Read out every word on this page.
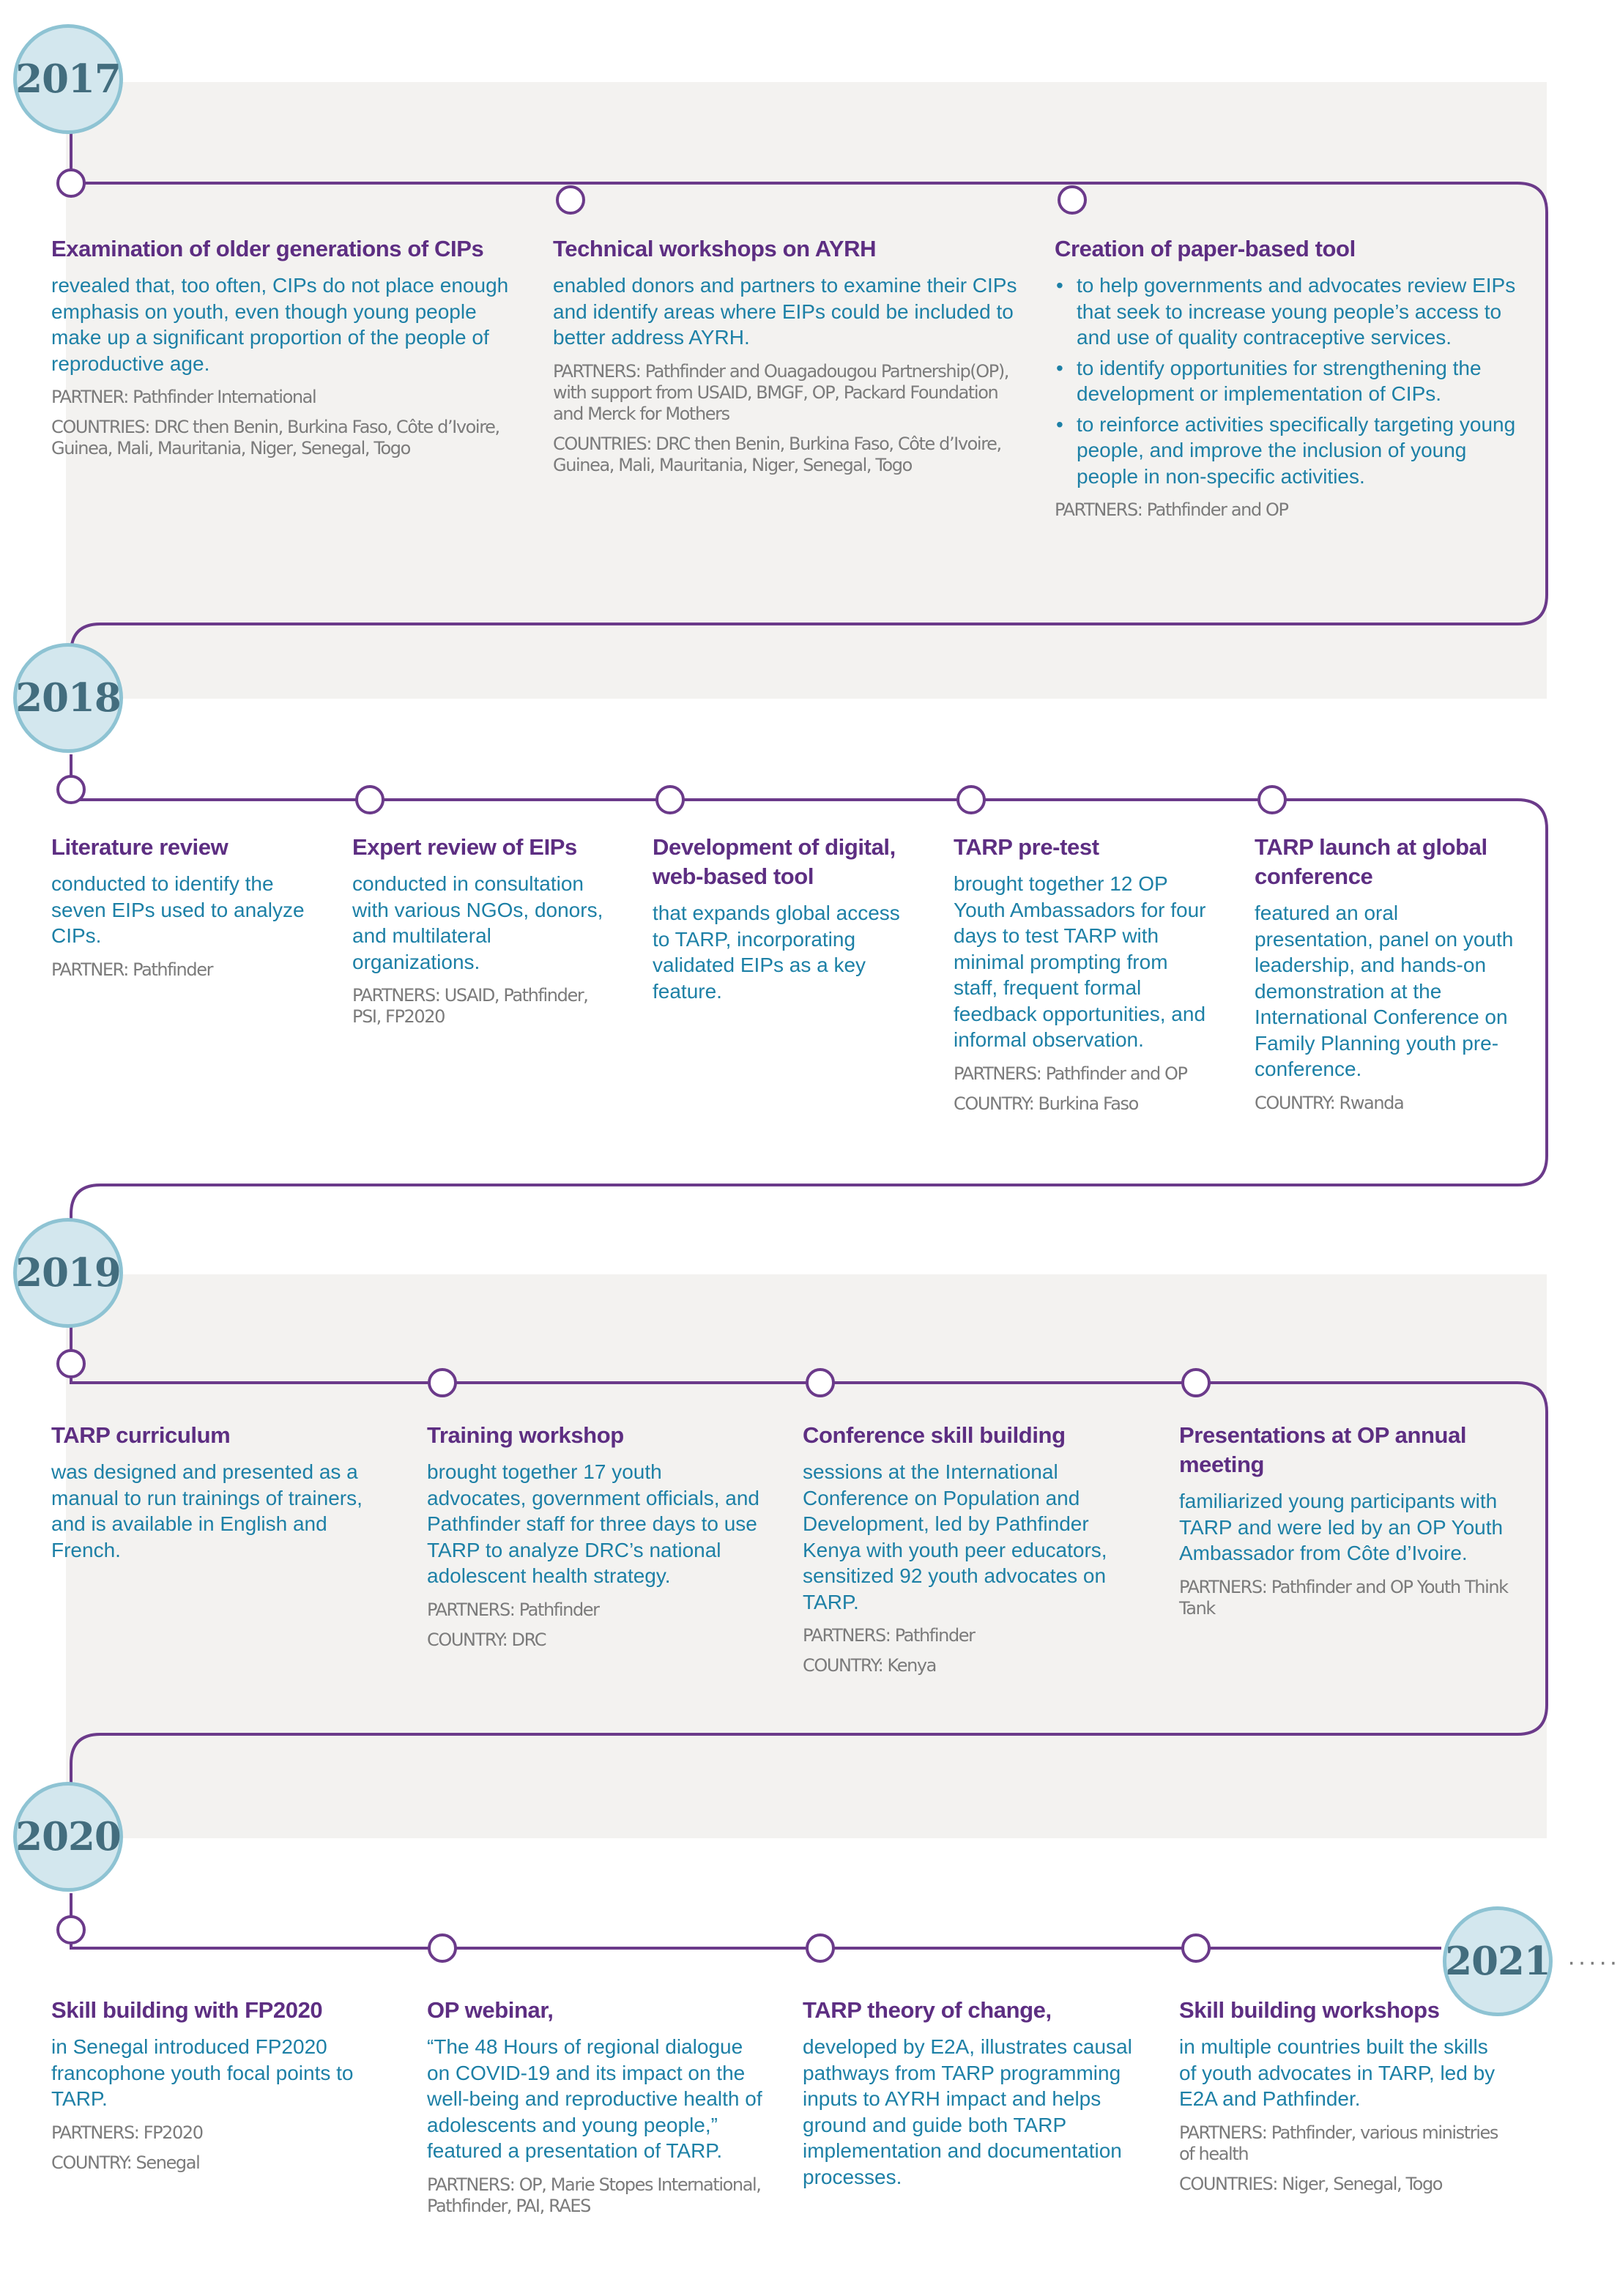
2017
2018
2019
2020
2021 ·····

Examination of older generations of CIPs

revealed that, too often, CIPs do not place enough emphasis on youth, even though young people make up a significant proportion of the people of reproductive age.

PARTNER: Pathfinder International

COUNTRIES: DRC then Benin, Burkina Faso, Côte d’Ivoire, Guinea, Mali, Mauritania, Niger, Senegal, Togo

Technical workshops on AYRH

enabled donors and partners to examine their CIPs and identify areas where EIPs could be included to better address AYRH.

PARTNERS: Pathfinder and Ouagadougou Partnership(OP), with support from USAID, BMGF, OP, Packard Foundation and Merck for Mothers

COUNTRIES: DRC then Benin, Burkina Faso, Côte d’Ivoire, Guinea, Mali, Mauritania, Niger, Senegal, Togo

Creation of paper-based tool

• to help governments and advocates review EIPs that seek to increase young people’s access to and use of quality contraceptive services.
• to identify opportunities for strengthening the development or implementation of CIPs.
• to reinforce activities specifically targeting young people, and improve the inclusion of young people in non-specific activities.

PARTNERS: Pathfinder and OP

Literature review

conducted to identify the seven EIPs used to analyze CIPs.

PARTNER: Pathfinder

Expert review of EIPs

conducted in consultation with various NGOs, donors, and multilateral organizations.

PARTNERS: USAID, Pathfinder, PSI, FP2020

Development of digital, web-based tool

that expands global access to TARP, incorporating validated EIPs as a key feature.

TARP pre-test

brought together 12 OP Youth Ambassadors for four days to test TARP with minimal prompting from staff, frequent formal feedback opportunities, and informal observation.

PARTNERS: Pathfinder and OP

COUNTRY: Burkina Faso

TARP launch at global conference

featured an oral presentation, panel on youth leadership, and hands-on demonstration at the International Conference on Family Planning youth pre-conference.

COUNTRY: Rwanda

TARP curriculum

was designed and presented as a manual to run trainings of trainers, and is available in English and French.

Training workshop

brought together 17 youth advocates, government officials, and Pathfinder staff for three days to use TARP to analyze DRC’s national adolescent health strategy.

PARTNERS: Pathfinder

COUNTRY: DRC

Conference skill building

sessions at the International Conference on Population and Development, led by Pathfinder Kenya with youth peer educators, sensitized 92 youth advocates on TARP.

PARTNERS: Pathfinder

COUNTRY: Kenya

Presentations at OP annual meeting

familiarized young participants with TARP and were led by an OP Youth Ambassador from Côte d’Ivoire.

PARTNERS: Pathfinder and OP Youth Think Tank

Skill building with FP2020

in Senegal introduced FP2020 francophone youth focal points to TARP.

PARTNERS: FP2020

COUNTRY: Senegal

OP webinar,

“The 48 Hours of regional dialogue on COVID-19 and its impact on the well-being and reproductive health of adolescents and young people,” featured a presentation of TARP.

PARTNERS: OP, Marie Stopes International, Pathfinder, PAI, RAES

TARP theory of change,

developed by E2A, illustrates causal pathways from TARP programming inputs to AYRH impact and helps ground and guide both TARP implementation and documentation processes.

Skill building workshops

in multiple countries built the skills of youth advocates in TARP, led by E2A and Pathfinder.

PARTNERS: Pathfinder, various ministries of health

COUNTRIES: Niger, Senegal, Togo
